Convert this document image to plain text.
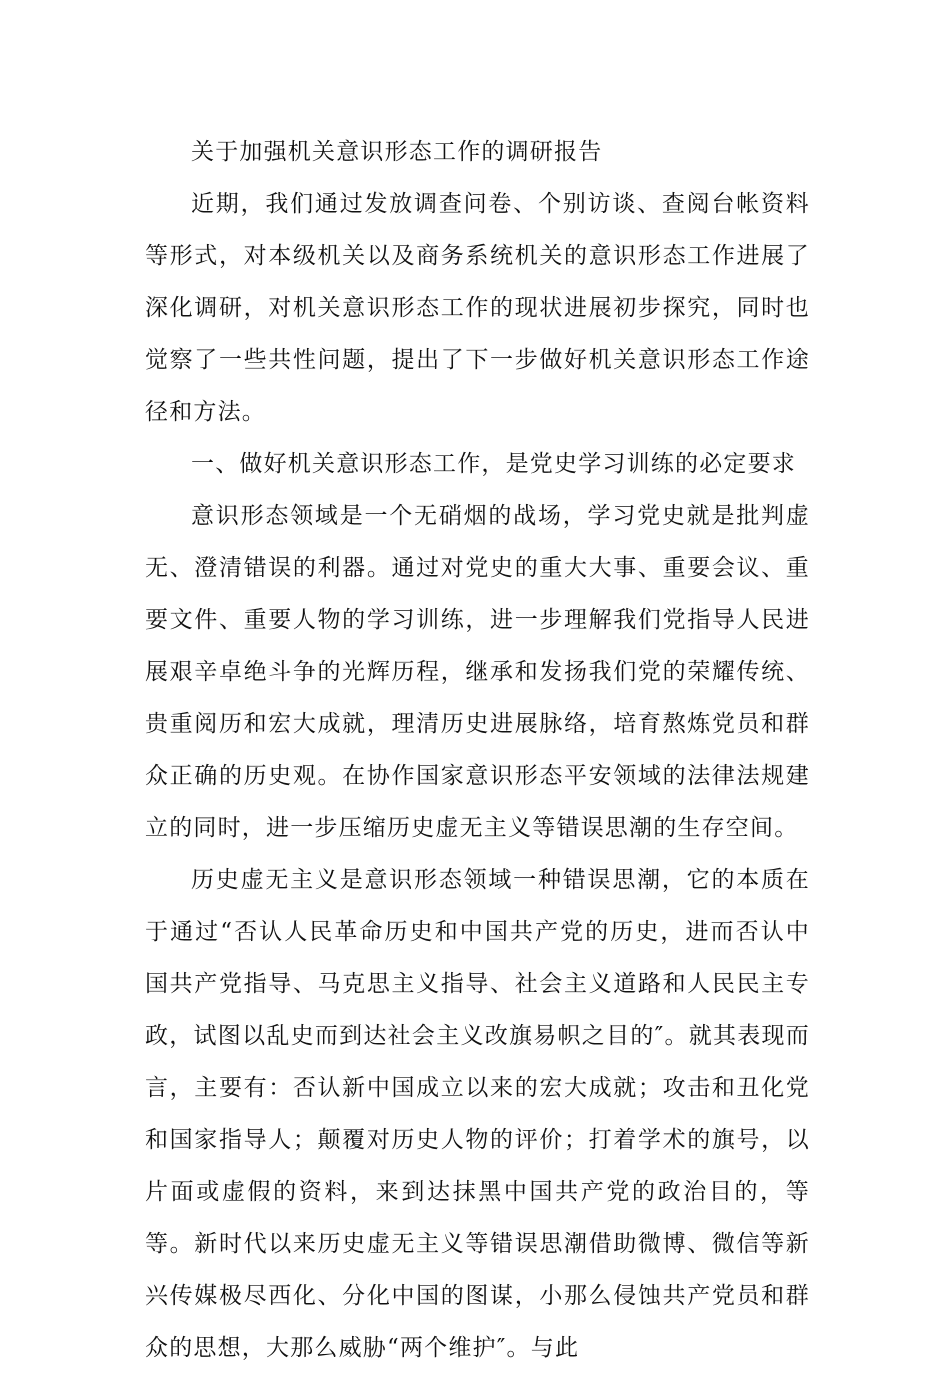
关于加强机关意识形态工作的调研报告

近期，我们通过发放调查问卷、个别访谈、查阅台帐资料等形式，对本级机关以及商务系统机关的意识形态工作进展了深化调研，对机关意识形态工作的现状进展初步探究，同时也觉察了一些共性问题，提出了下一步做好机关意识形态工作途径和方法。

一、做好机关意识形态工作，是党史学习训练的必定要求

意识形态领域是一个无硝烟的战场，学习党史就是批判虚无、澄清错误的利器。通过对党史的重大大事、重要会议、重要文件、重要人物的学习训练，进一步理解我们党指导人民进展艰辛卓绝斗争的光辉历程，继承和发扬我们党的荣耀传统、贵重阅历和宏大成就，理清历史进展脉络，培育熬炼党员和群众正确的历史观。在协作国家意识形态平安领域的法律法规建立的同时，进一步压缩历史虚无主义等错误思潮的生存空间。

历史虚无主义是意识形态领域一种错误思潮，它的本质在于通过“否认人民革命历史和中国共产党的历史，进而否认中国共产党指导、马克思主义指导、社会主义道路和人民民主专政，试图以乱史而到达社会主义改旗易帜之目的″。就其表现而言，主要有：否认新中国成立以来的宏大成就；攻击和丑化党和国家指导人；颠覆对历史人物的评价；打着学术的旗号，以片面或虚假的资料，来到达抹黑中国共产党的政治目的，等等。新时代以来历史虚无主义等错误思潮借助微博、微信等新兴传媒极尽西化、分化中国的图谋，小那么侵蚀共产党员和群众的思想，大那么威胁“两个维护″。与此
